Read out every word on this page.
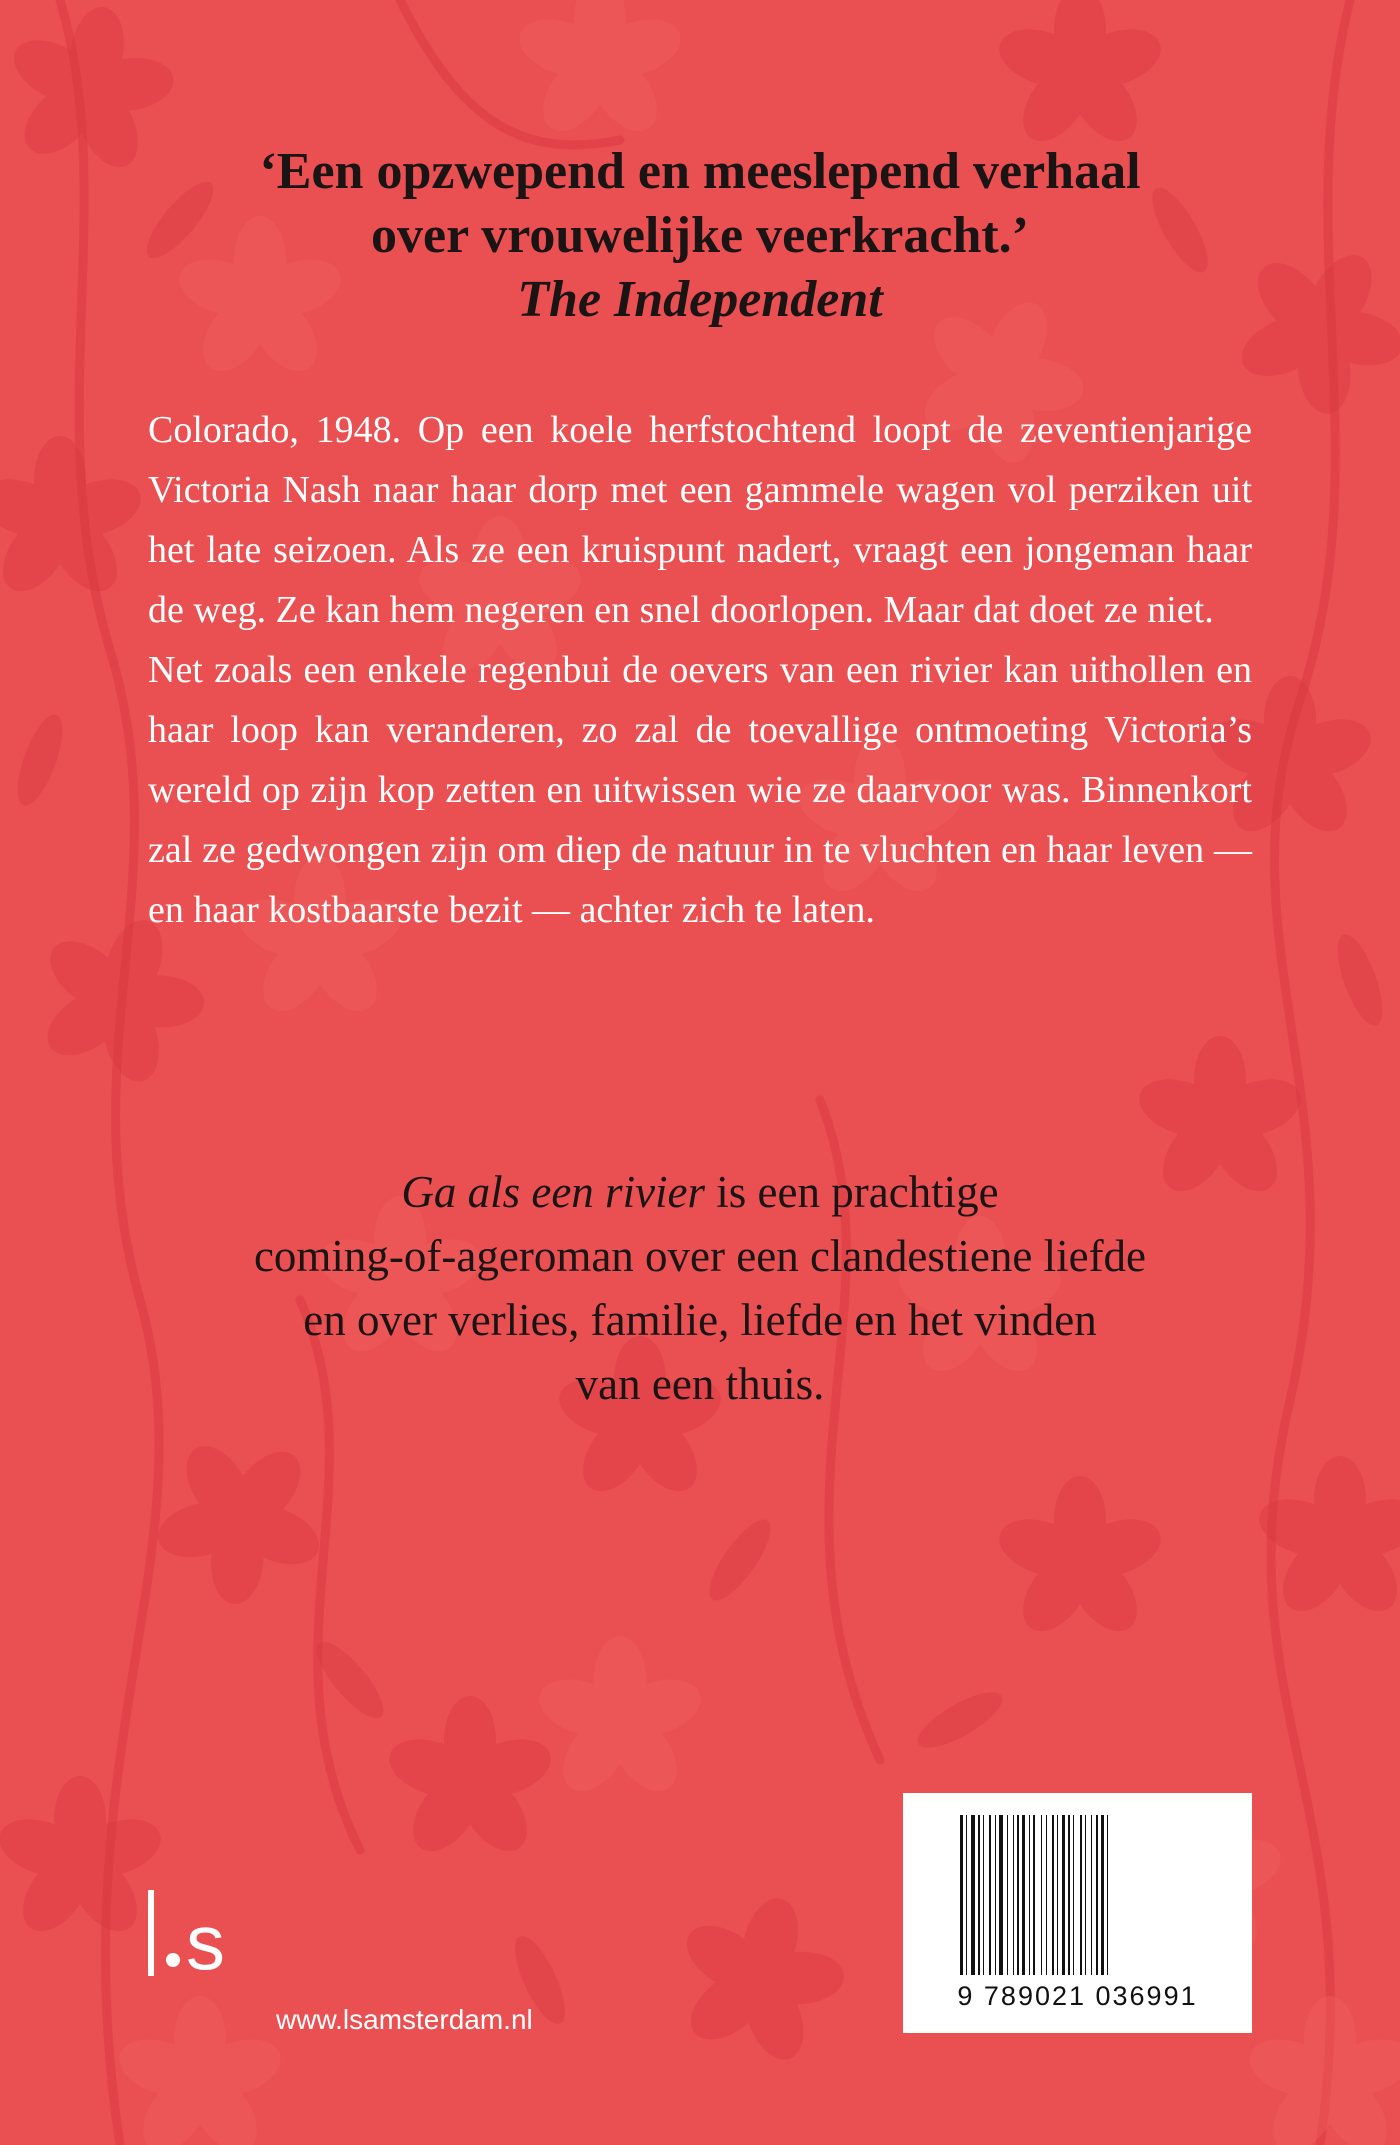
‘Een opzwepend en meeslepend verhaal
over vrouwelijke veerkracht.’
The Independent

Colorado, 1948. Op een koele herfstochtend loopt de zeventienjarige Victoria Nash naar haar dorp met een gammele wagen vol perziken uit het late seizoen. Als ze een kruispunt nadert, vraagt een jongeman haar de weg. Ze kan hem negeren en snel doorlopen. Maar dat doet ze niet.

Net zoals een enkele regenbui de oevers van een rivier kan uithollen en haar loop kan veranderen, zo zal de toevallige ontmoeting Victoria’s wereld op zijn kop zetten en uitwissen wie ze daarvoor was. Binnenkort zal ze gedwongen zijn om diep de natuur in te vluchten en haar leven — en haar kostbaarste bezit — achter zich te laten.

Ga als een rivier is een prachtige
coming-of-ageroman over een clandestiene liefde
en over verlies, familie, liefde en het vinden
van een thuis.
s
www.lsamsterdam.nl
9 789021 036991
